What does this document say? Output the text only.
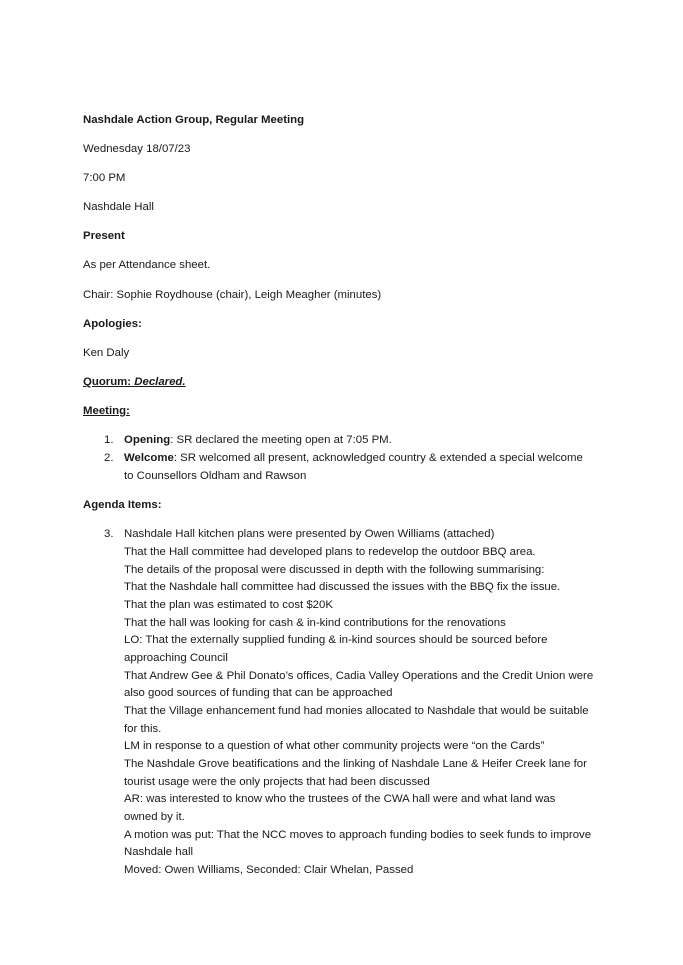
Nashdale Action Group, Regular Meeting
Wednesday 18/07/23
7:00 PM
Nashdale Hall
Present
As per Attendance sheet.
Chair: Sophie Roydhouse (chair), Leigh Meagher (minutes)
Apologies:
Ken Daly
Quorum: Declared.
Meeting:
1. Opening: SR declared the meeting open at 7:05 PM.
2. Welcome: SR welcomed all present, acknowledged country & extended a special welcome
to Counsellors Oldham and Rawson
Agenda Items:
3. Nashdale Hall kitchen plans were presented by Owen Williams (attached)
That the Hall committee had developed plans to redevelop the outdoor BBQ area.
The details of the proposal were discussed in depth with the following summarising:
That the Nashdale hall committee had discussed the issues with the BBQ fix the issue.
That the plan was estimated to cost $20K
That the hall was looking for cash & in-kind contributions for the renovations
LO: That the externally supplied funding & in-kind sources should be sourced before
approaching Council
That Andrew Gee & Phil Donato’s offices, Cadia Valley Operations and the Credit Union were
also good sources of funding that can be approached
That the Village enhancement fund had monies allocated to Nashdale that would be suitable
for this.
LM in response to a question of what other community projects were “on the Cards”
The Nashdale Grove beatifications and the linking of Nashdale Lane & Heifer Creek lane for
tourist usage were the only projects that had been discussed
AR: was interested to know who the trustees of the CWA hall were and what land was
owned by it.
A motion was put: That the NCC moves to approach funding bodies to seek funds to improve
Nashdale hall
Moved: Owen Williams, Seconded: Clair Whelan, Passed
